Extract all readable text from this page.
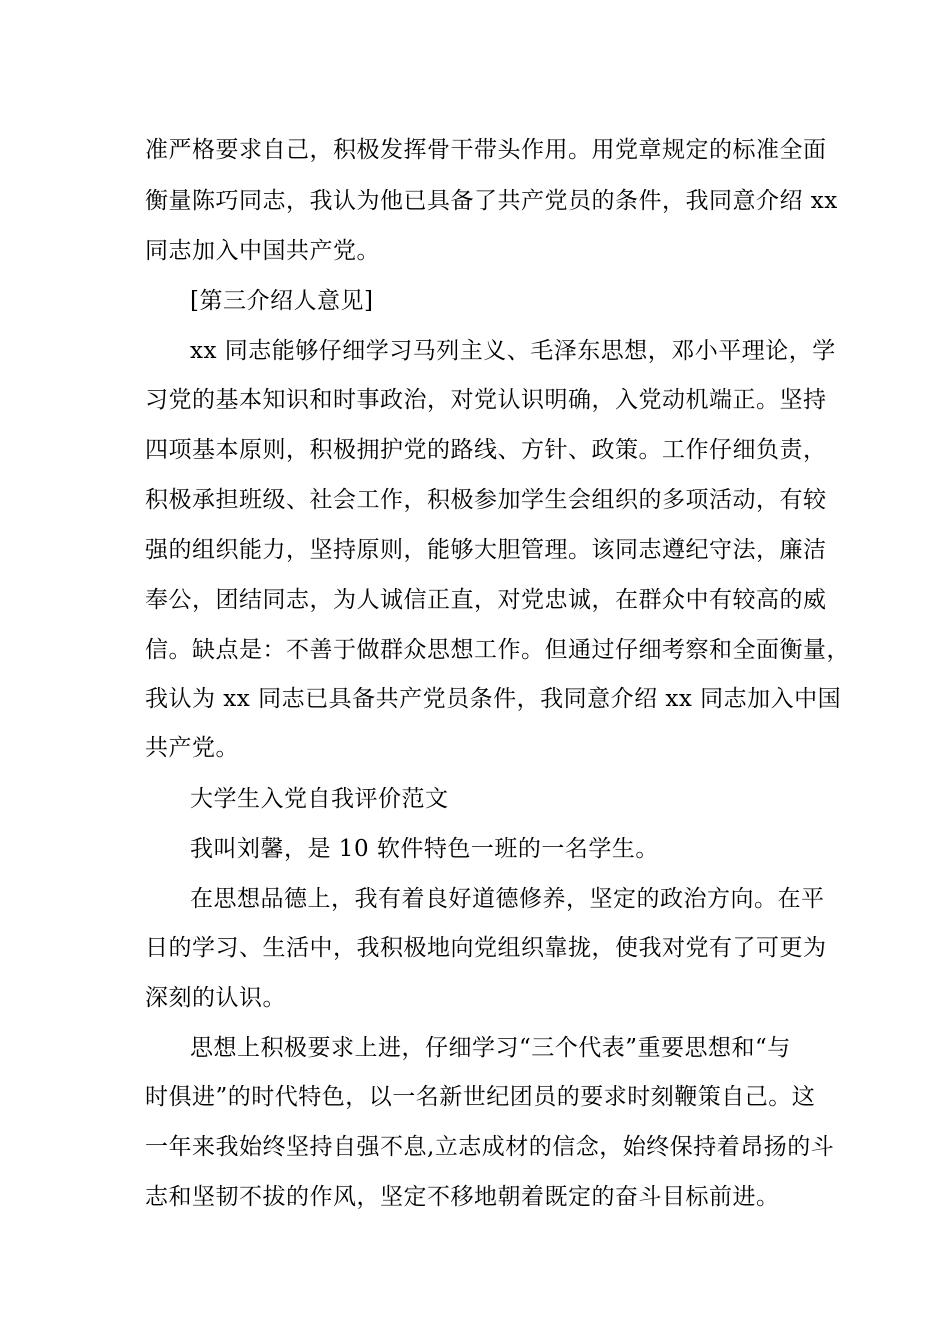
准严格要求自己，积极发挥骨干带头作用。用党章规定的标准全面
衡量陈巧同志，我认为他已具备了共产党员的条件，我同意介绍 xx
同志加入中国共产党。
[第三介绍人意见]
xx 同志能够仔细学习马列主义、毛泽东思想，邓小平理论，学
习党的基本知识和时事政治，对党认识明确，入党动机端正。坚持
四项基本原则，积极拥护党的路线、方针、政策。工作仔细负责，
积极承担班级、社会工作，积极参加学生会组织的多项活动，有较
强的组织能力，坚持原则，能够大胆管理。该同志遵纪守法，廉洁
奉公，团结同志，为人诚信正直，对党忠诚，在群众中有较高的威
信。缺点是：不善于做群众思想工作。但通过仔细考察和全面衡量，
我认为 xx 同志已具备共产党员条件，我同意介绍 xx 同志加入中国
共产党。
大学生入党自我评价范文
我叫刘馨，是 10 软件特色一班的一名学生。
在思想品德上，我有着良好道德修养，坚定的政治方向。在平
日的学习、生活中，我积极地向党组织靠拢，使我对党有了可更为
深刻的认识。
思想上积极要求上进，仔细学习“三个代表”重要思想和“与
时俱进”的时代特色，以一名新世纪团员的要求时刻鞭策自己。这
一年来我始终坚持自强不息,立志成材的信念，始终保持着昂扬的斗
志和坚韧不拔的作风，坚定不移地朝着既定的奋斗目标前进。
